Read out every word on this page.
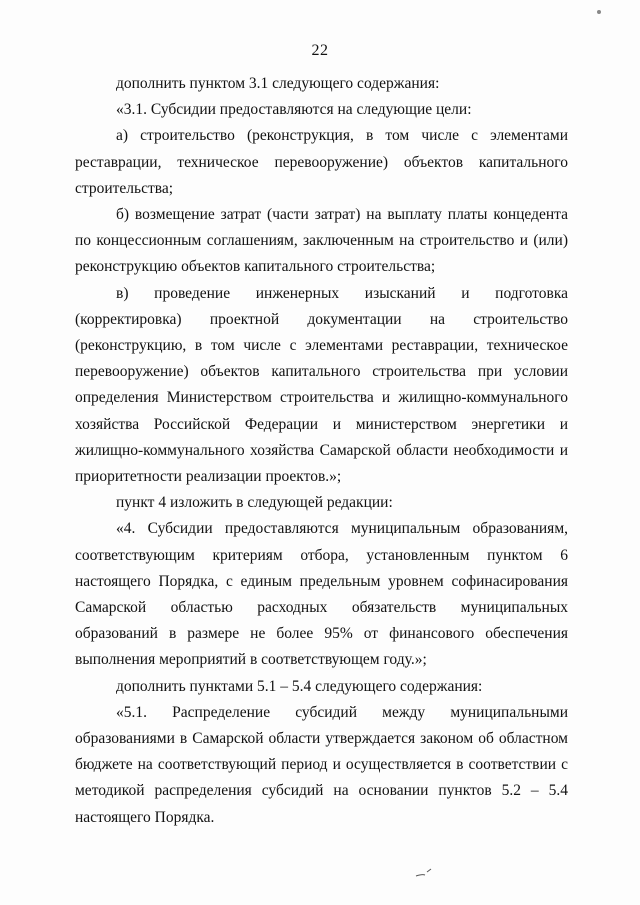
22

дополнить пунктом 3.1 следующего содержания:

«3.1. Субсидии предоставляются на следующие цели:

а) строительство (реконструкция, в том числе с элементами реставрации, техническое перевооружение) объектов капитального строительства;

б) возмещение затрат (части затрат) на выплату платы концедента по концессионным соглашениям, заключенным на строительство и (или) реконструкцию объектов капитального строительства;

в) проведение инженерных изысканий и подготовка (корректировка) проектной документации на строительство (реконструкцию, в том числе с элементами реставрации, техническое перевооружение) объектов капитального строительства при условии определения Министерством строительства и жилищно-коммунального хозяйства Российской Федерации и министерством энергетики и жилищно-коммунального хозяйства Самарской области необходимости и приоритетности реализации проектов.»;

пункт 4 изложить в следующей редакции:

«4. Субсидии предоставляются муниципальным образованиям, соответствующим критериям отбора, установленным пунктом 6 настоящего Порядка, с единым предельным уровнем софинасирования Самарской областью расходных обязательств муниципальных образований в размере не более 95% от финансового обеспечения выполнения мероприятий в соответствующем году.»;

дополнить пунктами 5.1 – 5.4 следующего содержания:

«5.1. Распределение субсидий между муниципальными образованиями в Самарской области утверждается законом об областном бюджете на соответствующий период и осуществляется в соответствии с методикой распределения субсидий на основании пунктов 5.2 – 5.4 настоящего Порядка.
